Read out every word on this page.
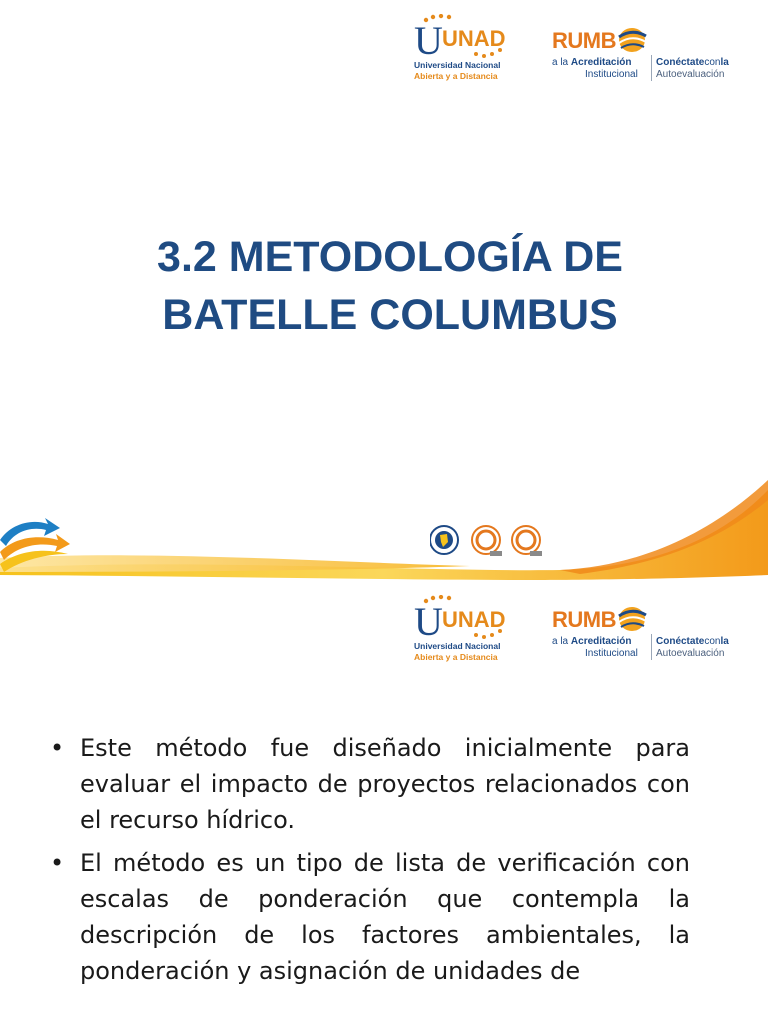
U UNAD
Universidad Nacional
Abierta y a Distancia
RUMB
a la Acreditación
Institucional
Conéctateconla
Autoevaluación
3.2 METODOLOGÍA DE
BATELLE COLUMBUS
U UNAD
Universidad Nacional
Abierta y a Distancia
RUMB
a la Acreditación
Institucional
Conéctateconla
Autoevaluación
• Este método fue diseñado inicialmente para evaluar el impacto de proyectos relacionados con el recurso hídrico.
• El método es un tipo de lista de verificación con escalas de ponderación que contempla la descripción de los factores ambientales, la ponderación y asignación de unidades de
